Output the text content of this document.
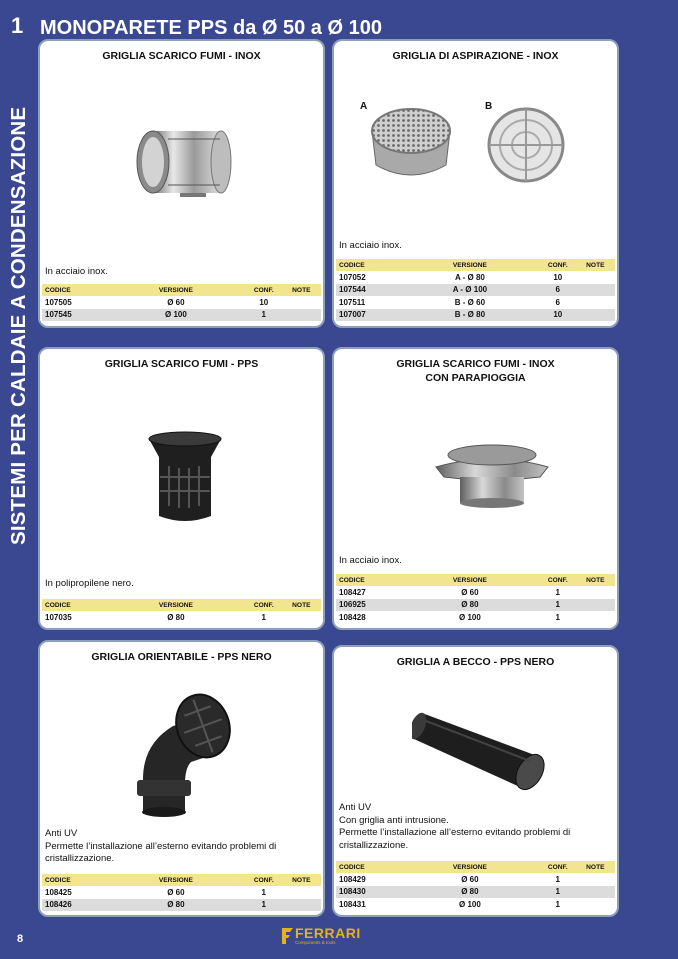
1
SISTEMI PER CALDAIE A CONDENSAZIONE
MONOPARETE PPS da Ø 50 a Ø 100
GRIGLIA SCARICO FUMI - INOX
In acciaio inox.
CODICE	VERSIONE	CONF.	NOTE
107505	Ø 60	10
107545	Ø 100	1
GRIGLIA DI ASPIRAZIONE - INOX
A	B
In acciaio inox.
CODICE	VERSIONE	CONF.	NOTE
107052	A - Ø 80	10
107544	A - Ø 100	6
107511	B - Ø 60	6
107007	B - Ø 80	10
GRIGLIA SCARICO FUMI - PPS
In polipropilene nero.
CODICE	VERSIONE	CONF.	NOTE
107035	Ø 80	1
GRIGLIA SCARICO FUMI - INOX
CON PARAPIOGGIA
In acciaio inox.
CODICE	VERSIONE	CONF.	NOTE
108427	Ø 60	1
106925	Ø 80	1
108428	Ø 100	1
GRIGLIA ORIENTABILE - PPS NERO
Anti UV
Permette l’installazione all’esterno evitando problemi di
cristallizzazione.
CODICE	VERSIONE	CONF.	NOTE
108425	Ø 60	1
108426	Ø 80	1
GRIGLIA A BECCO - PPS NERO
Anti UV
Con griglia anti intrusione.
Permette l’installazione all’esterno evitando problemi di
cristallizzazione.
CODICE	VERSIONE	CONF.	NOTE
108429	Ø 60	1
108430	Ø 80	1
108431	Ø 100	1
8	FERRARI
Components & tools
